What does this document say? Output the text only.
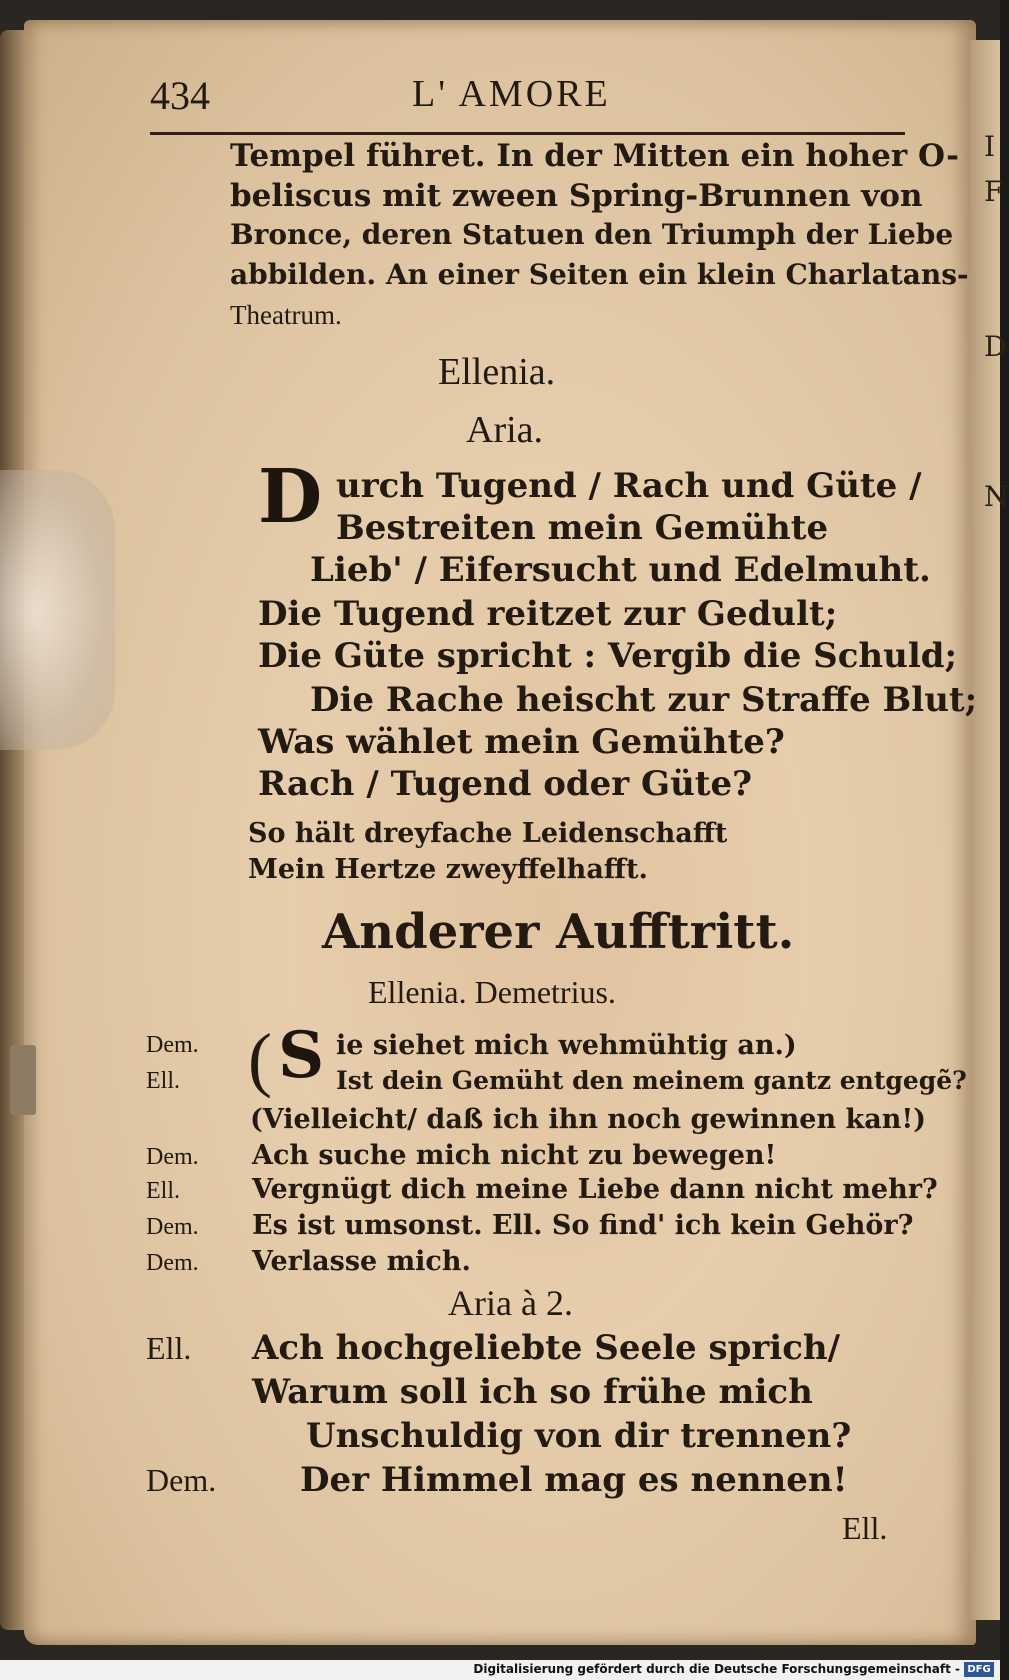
I
F
D
N
434	L' AMORE
Tempel führet. In der Mitten ein hoher O-
beliscus mit zween Spring-Brunnen von
Bronce, deren Statuen den Triumph der Liebe
abbilden. An einer Seiten ein klein Charlatans-
Theatrum.
Ellenia.
Aria.
D urch Tugend / Rach und Güte /
Bestreiten mein Gemühte
Lieb' / Eifersucht und Edelmuht.
Die Tugend reitzet zur Gedult;
Die Güte spricht : Vergib die Schuld;
Die Rache heischt zur Straffe Blut;
Was wählet mein Gemühte?
Rach / Tugend oder Güte?
So hält dreyfache Leidenschafft
Mein Hertze zweyffelhafft.
Anderer Aufftritt.
Ellenia. Demetrius.
( S
Dem.	ie siehet mich wehmühtig an.)
Ell.	Ist dein Gemüht den meinem gantz entgegẽ?
(Vielleicht/ daß ich ihn noch gewinnen kan!)
Dem. Ach suche mich nicht zu bewegen!
Ell.	Vergnügt dich meine Liebe dann nicht mehr?
Dem. Es ist umsonst. Ell. So find' ich kein Gehör?
Dem. Verlasse mich.
Aria à 2.
Ell. Ach hochgeliebte Seele sprich/
Warum soll ich so frühe mich
Unschuldig von dir trennen?
Dem. Der Himmel mag es nennen!
Ell.
Digitalisierung gefördert durch die Deutsche Forschungsgemeinschaft - DFG
